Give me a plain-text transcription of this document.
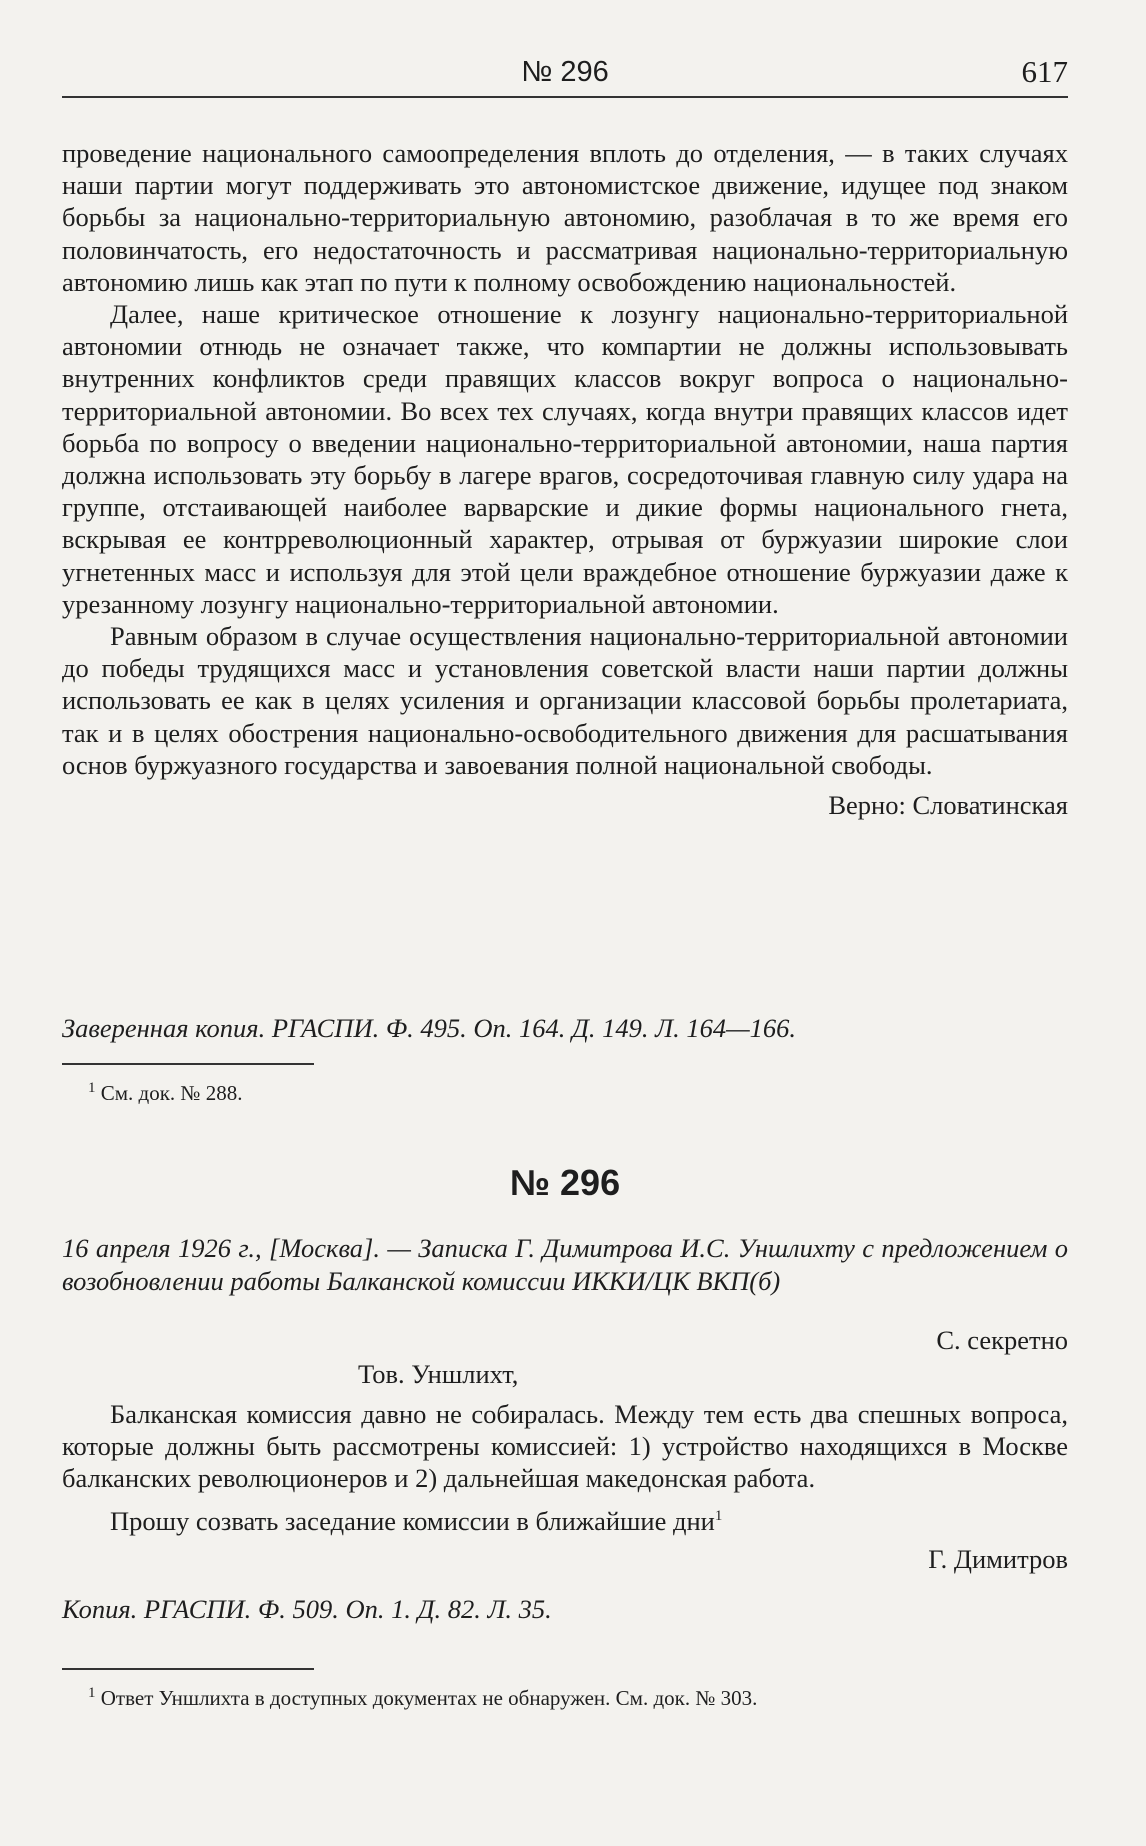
№ 296	617

проведение национального самоопределения вплоть до отделения, — в таких случаях наши партии могут поддерживать это автономистское движение, идущее под знаком борьбы за национально-территориальную автономию, разоблачая в то же время его половинчатость, его недостаточность и рассматривая национально-территориальную автономию лишь как этап по пути к полному освобождению национальностей.

Далее, наше критическое отношение к лозунгу национально-территориальной автономии отнюдь не означает также, что компартии не должны использовывать внутренних конфликтов среди правящих классов вокруг вопроса о национально-территориальной автономии. Во всех тех случаях, когда внутри правящих классов идет борьба по вопросу о введении национально-территориальной автономии, наша партия должна использовать эту борьбу в лагере врагов, сосредоточивая главную силу удара на группе, отстаивающей наиболее варварские и дикие формы национального гнета, вскрывая ее контрреволюционный характер, отрывая от буржуазии широкие слои угнетенных масс и используя для этой цели враждебное отношение буржуазии даже к урезанному лозунгу национально-территориальной автономии.

Равным образом в случае осуществления национально-территориальной автономии до победы трудящихся масс и установления советской власти наши партии должны использовать ее как в целях усиления и организации классовой борьбы пролетариата, так и в целях обострения национально-освободительного движения для расшатывания основ буржуазного государства и завоевания полной национальной свободы.

Верно: Словатинская

Заверенная копия. РГАСПИ. Ф. 495. Оп. 164. Д. 149. Л. 164—166.

$^1$ См. док. № 288.

№ 296

16 апреля 1926 г., [Москва]. — Записка Г. Димитрова И.С. Уншлихту с предложением о возобновлении работы Балканской комиссии ИККИ/ЦК ВКП(б)

С. секретно

Тов. Уншлихт,

Балканская комиссия давно не собиралась. Между тем есть два спешных вопроса, которые должны быть рассмотрены комиссией: 1) устройство находящихся в Москве балканских революционеров и 2) дальнейшая македонская работа.

Прошу созвать заседание комиссии в ближайшие дни$^1$

Г. Димитров

Копия. РГАСПИ. Ф. 509. Оп. 1. Д. 82. Л. 35.

$^1$ Ответ Уншлихта в доступных документах не обнаружен. См. док. № 303.
